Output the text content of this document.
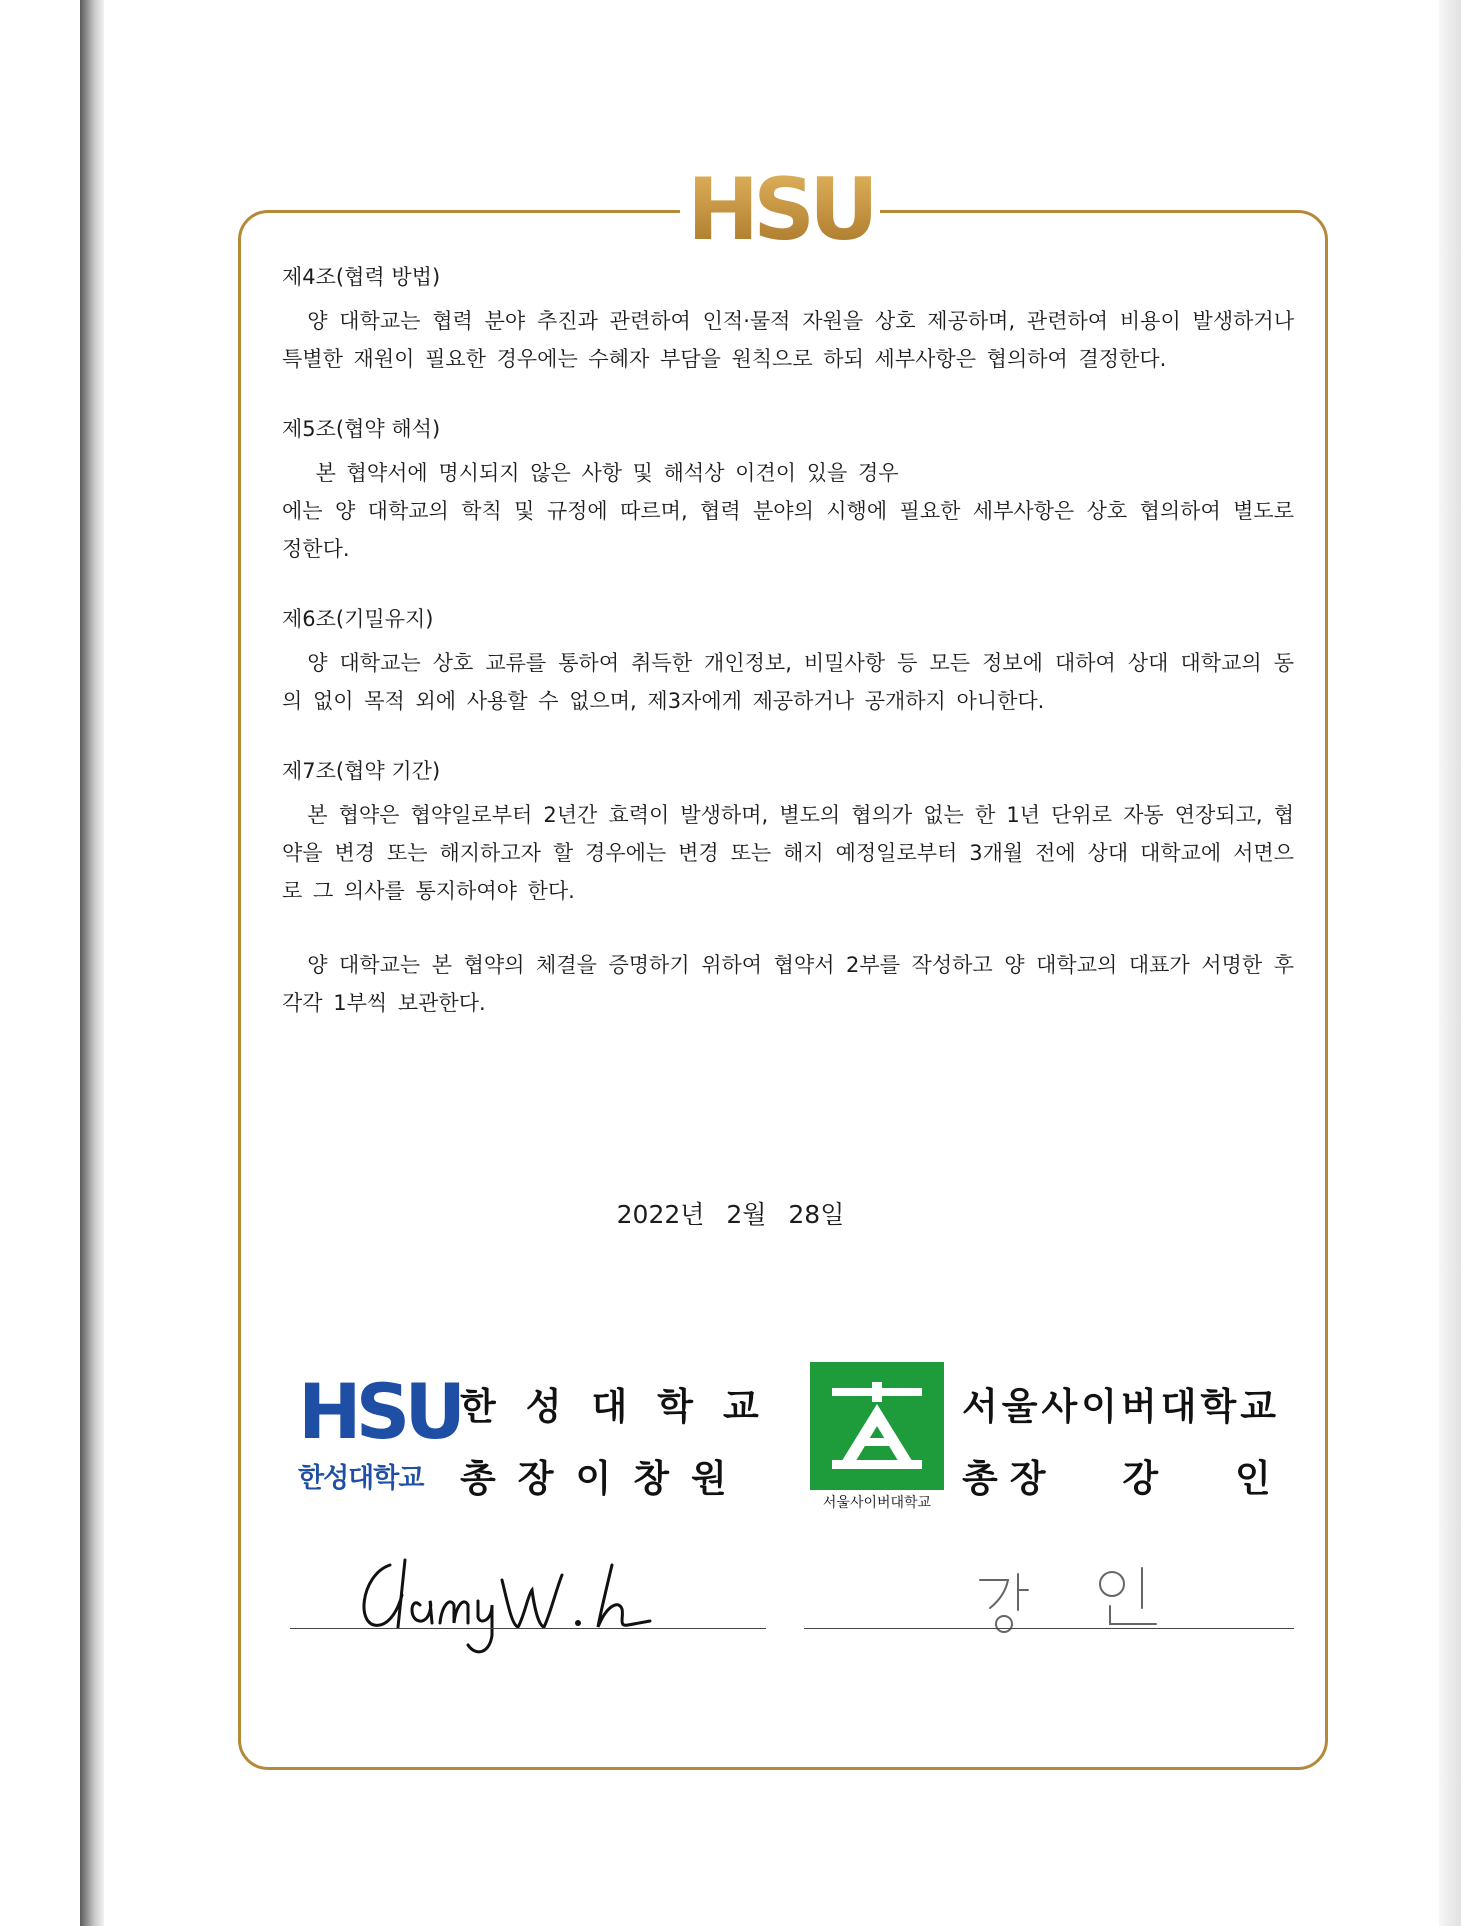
HSU

제4조(협력 방법)

양 대학교는 협력 분야 추진과 관련하여 인적·물적 자원을 상호 제공하며, 관련하여 비용이 발생하거나 특별한 재원이 필요한 경우에는 수혜자 부담을 원칙으로 하되 세부사항은 협의하여 결정한다.

제5조(협약 해석)

본 협약서에 명시되지 않은 사항 및 해석상 이견이 있을 경우

에는 양 대학교의 학칙 및 규정에 따르며, 협력 분야의 시행에 필요한 세부사항은 상호 협의하여 별도로 정한다.

제6조(기밀유지)

양 대학교는 상호 교류를 통하여 취득한 개인정보, 비밀사항 등 모든 정보에 대하여 상대 대학교의 동의 없이 목적 외에 사용할 수 없으며, 제3자에게 제공하거나 공개하지 아니한다.

제7조(협약 기간)

본 협약은 협약일로부터 2년간 효력이 발생하며, 별도의 협의가 없는 한 1년 단위로 자동 연장되고, 협약을 변경 또는 해지하고자 할 경우에는 변경 또는 해지 예정일로부터 3개월 전에 상대 대학교에 서면으로 그 의사를 통지하여야 한다.

양 대학교는 본 협약의 체결을 증명하기 위하여 협약서 2부를 작성하고 양 대학교의 대표가 서명한 후 각각 1부씩 보관한다.

2022년 2월 28일
HSU
한성대학교
한성대학교
총장이창원
서울사이버대학교
서울사이버대학교
총장 강 인
